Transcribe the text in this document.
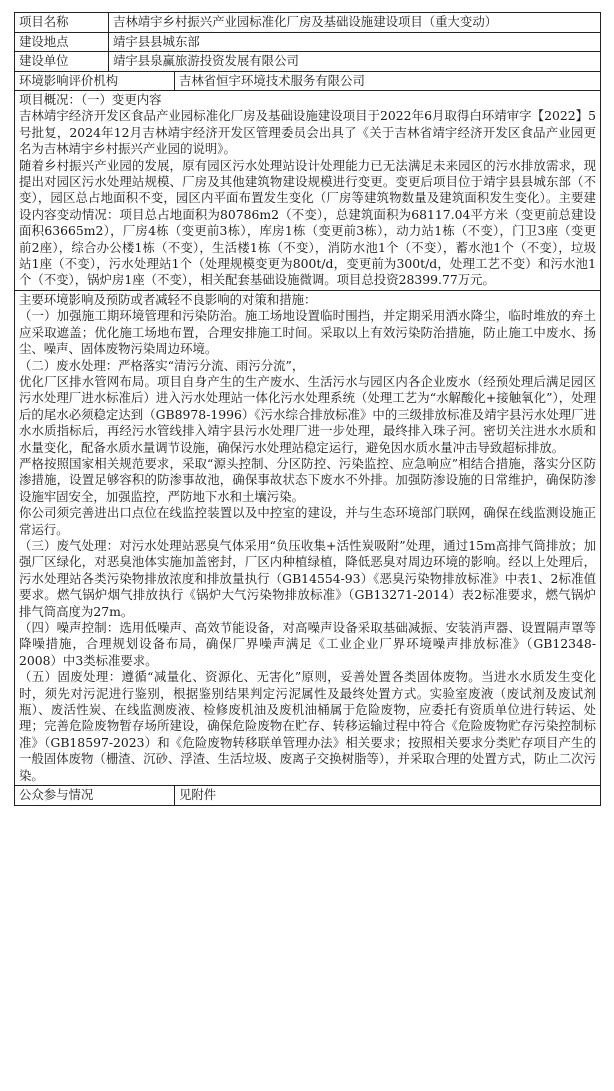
项目名称	吉林靖宇乡村振兴产业园标准化厂房及基础设施建设项目（重大变动）
建设地点	靖宇县县城东部
建设单位	靖宇县泉赢旅游投资发展有限公司
环境影响评价机构	吉林省恒宇环境技术服务有限公司

项目概况：（一）变更内容

吉林靖宇经济开发区食品产业园标准化厂房及基础设施建设项目于2022年6月取得白环靖审字【2022】5号批复，2024年12月吉林靖宇经济开发区管理委员会出具了《关于吉林省靖宇经济开发区食品产业园更名为吉林靖宇乡村振兴产业园的说明》。

随着乡村振兴产业园的发展，原有园区污水处理站设计处理能力已无法满足未来园区的污水排放需求，现提出对园区污水处理站规模、厂房及其他建筑物建设规模进行变更。变更后项目位于靖宇县县城东部（不变），园区总占地面积不变，园区内平面布置发生变化（厂房等建筑物数量及建筑面积发生变化）。主要建设内容变动情况：项目总占地面积为80786m2（不变），总建筑面积为68117.04平方米（变更前总建设面积63665m2），厂房4栋（变更前3栋），库房1栋（变更前3栋），动力站1栋（不变），门卫3座（变更前2座），综合办公楼1栋（不变），生活楼1栋（不变），消防水池1个（不变），蓄水池1个（不变），垃圾站1座（不变），污水处理站1个（处理规模变更为800t/d，变更前为300t/d，处理工艺不变）和污水池1个（不变），锅炉房1座（不变），相关配套基础设施微调。项目总投资28399.77万元。

主要环境影响及预防或者减轻不良影响的对策和措施：

（一）加强施工期环境管理和污染防治。施工场地设置临时围挡，并定期采用洒水降尘，临时堆放的弃土应采取遮盖；优化施工场地布置，合理安排施工时间。采取以上有效污染防治措施，防止施工中废水、扬尘、噪声、固体废物污染周边环境。

（二）废水处理：严格落实“清污分流、雨污分流”，

优化厂区排水管网布局。项目自身产生的生产废水、生活污水与园区内各企业废水（经预处理后满足园区污水处理厂进水标准后）进入污水处理站一体化污水处理系统（处理工艺为“水解酸化+接触氧化”），处理后的尾水必须稳定达到（GB8978-1996）《污水综合排放标准》中的三级排放标准及靖宇县污水处理厂进水水质指标后，再经污水管线排入靖宇县污水处理厂进一步处理，最终排入珠子河。密切关注进水水质和水量变化，配备水质水量调节设施，确保污水处理站稳定运行，避免因水质水量冲击导致超标排放。

严格按照国家相关规范要求，采取“源头控制、分区防控、污染监控、应急响应”相结合措施，落实分区防渗措施，设置足够容积的防渗事故池，确保事故状态下废水不外排。加强防渗设施的日常维护，确保防渗设施牢固安全，加强监控，严防地下水和土壤污染。

你公司须完善进出口点位在线监控装置以及中控室的建设，并与生态环境部门联网，确保在线监测设施正常运行。

（三）废气处理：对污水处理站恶臭气体采用“负压收集+活性炭吸附”处理，通过15m高排气筒排放；加强厂区绿化，对恶臭池体实施加盖密封，厂区内种植绿植，降低恶臭对周边环境的影响。经以上处理后，污水处理站各类污染物排放浓度和排放量执行（GB14554-93）《恶臭污染物排放标准》中表1、2标准值要求。燃气锅炉烟气排放执行《锅炉大气污染物排放标准》（GB13271-2014）表2标准要求，燃气锅炉排气筒高度为27m。

（四）噪声控制：选用低噪声、高效节能设备，对高噪声设备采取基础减振、安装消声器、设置隔声罩等降噪措施，合理规划设备布局，确保厂界噪声满足《工业企业厂界环境噪声排放标准》（GB12348-2008）中3类标准要求。

（五）固废处理：遵循“减量化、资源化、无害化”原则，妥善处置各类固体废物。当进水水质发生变化时，须先对污泥进行鉴别，根据鉴别结果判定污泥属性及最终处置方式。实验室废液（废试剂及废试剂瓶）、废活性炭、在线监测废液、检修废机油及废机油桶属于危险废物，应委托有资质单位进行转运、处理；完善危险废物暂存场所建设，确保危险废物在贮存、转移运输过程中符合《危险废物贮存污染控制标准》（GB18597-2023）和《危险废物转移联单管理办法》相关要求；按照相关要求分类贮存项目产生的一般固体废物（栅渣、沉砂、浮渣、生活垃圾、废离子交换树脂等），并采取合理的处置方式，防止二次污染。

公众参与情况	见附件
